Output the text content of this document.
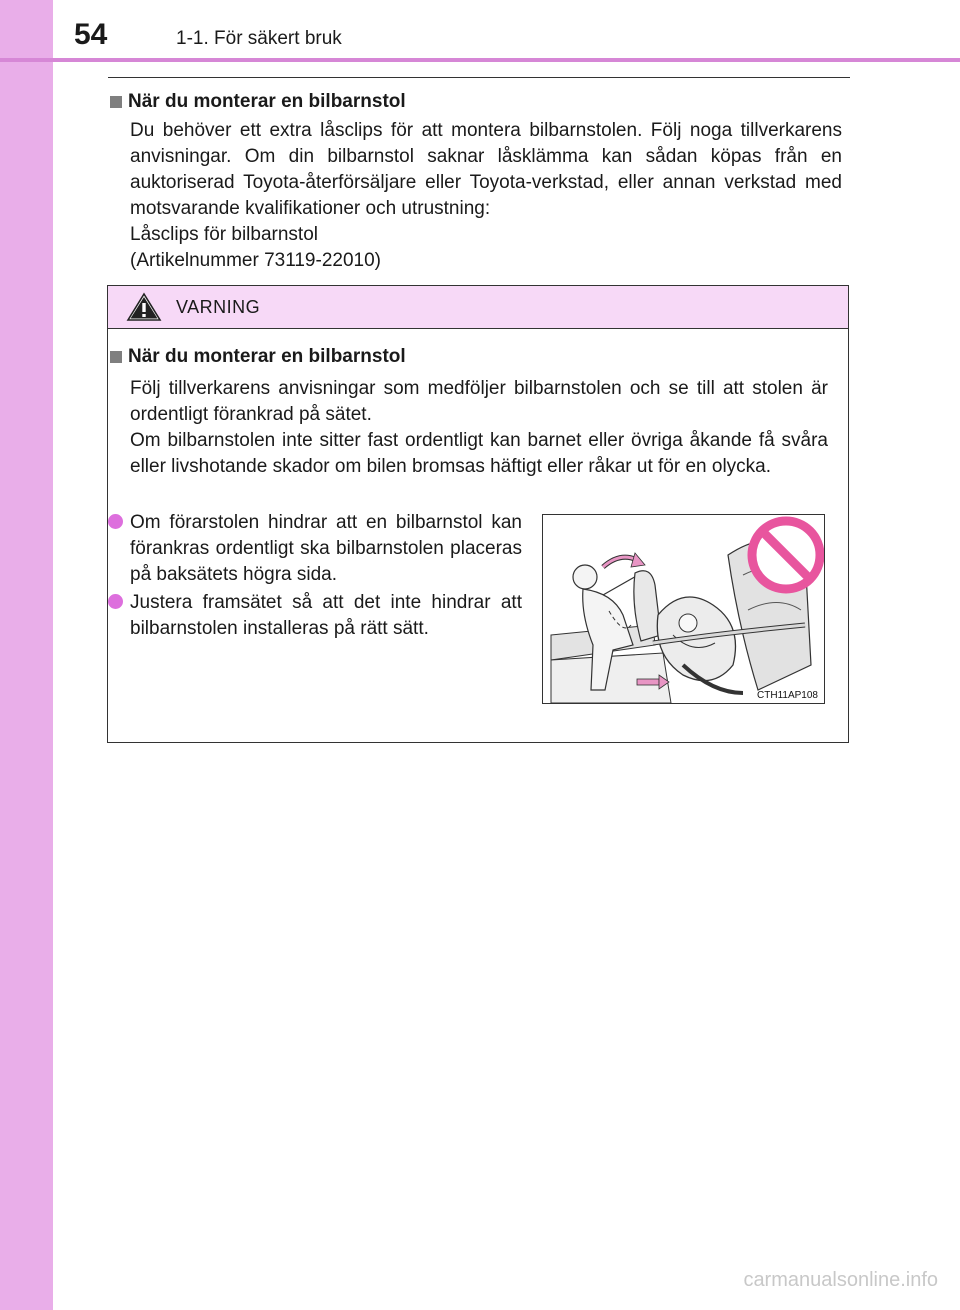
54	1-1. För säkert bruk
När du monterar en bilbarnstol

Du behöver ett extra låsclips för att montera bilbarnstolen. Följ noga tillverkarens anvisningar. Om din bilbarnstol saknar låsklämma kan sådan köpas från en auktoriserad Toyota-återförsäljare eller Toyota-verkstad, eller annan verkstad med motsvarande kvalifikationer och utrustning:

Låsclips för bilbarnstol

(Artikelnummer 73119-22010)

VARNING
När du monterar en bilbarnstol

Följ tillverkarens anvisningar som medföljer bilbarnstolen och se till att stolen är ordentligt förankrad på sätet.

Om bilbarnstolen inte sitter fast ordentligt kan barnet eller övriga åkande få svåra eller livshotande skador om bilen bromsas häftigt eller råkar ut för en olycka.

Om förarstolen hindrar att en bilbarnstol kan förankras ordentligt ska bilbarnstolen placeras på baksätets högra sida.
Justera framsätet så att det inte hindrar att bilbarnstolen installeras på rätt sätt.
CTH11AP108
carmanualsonline.info
